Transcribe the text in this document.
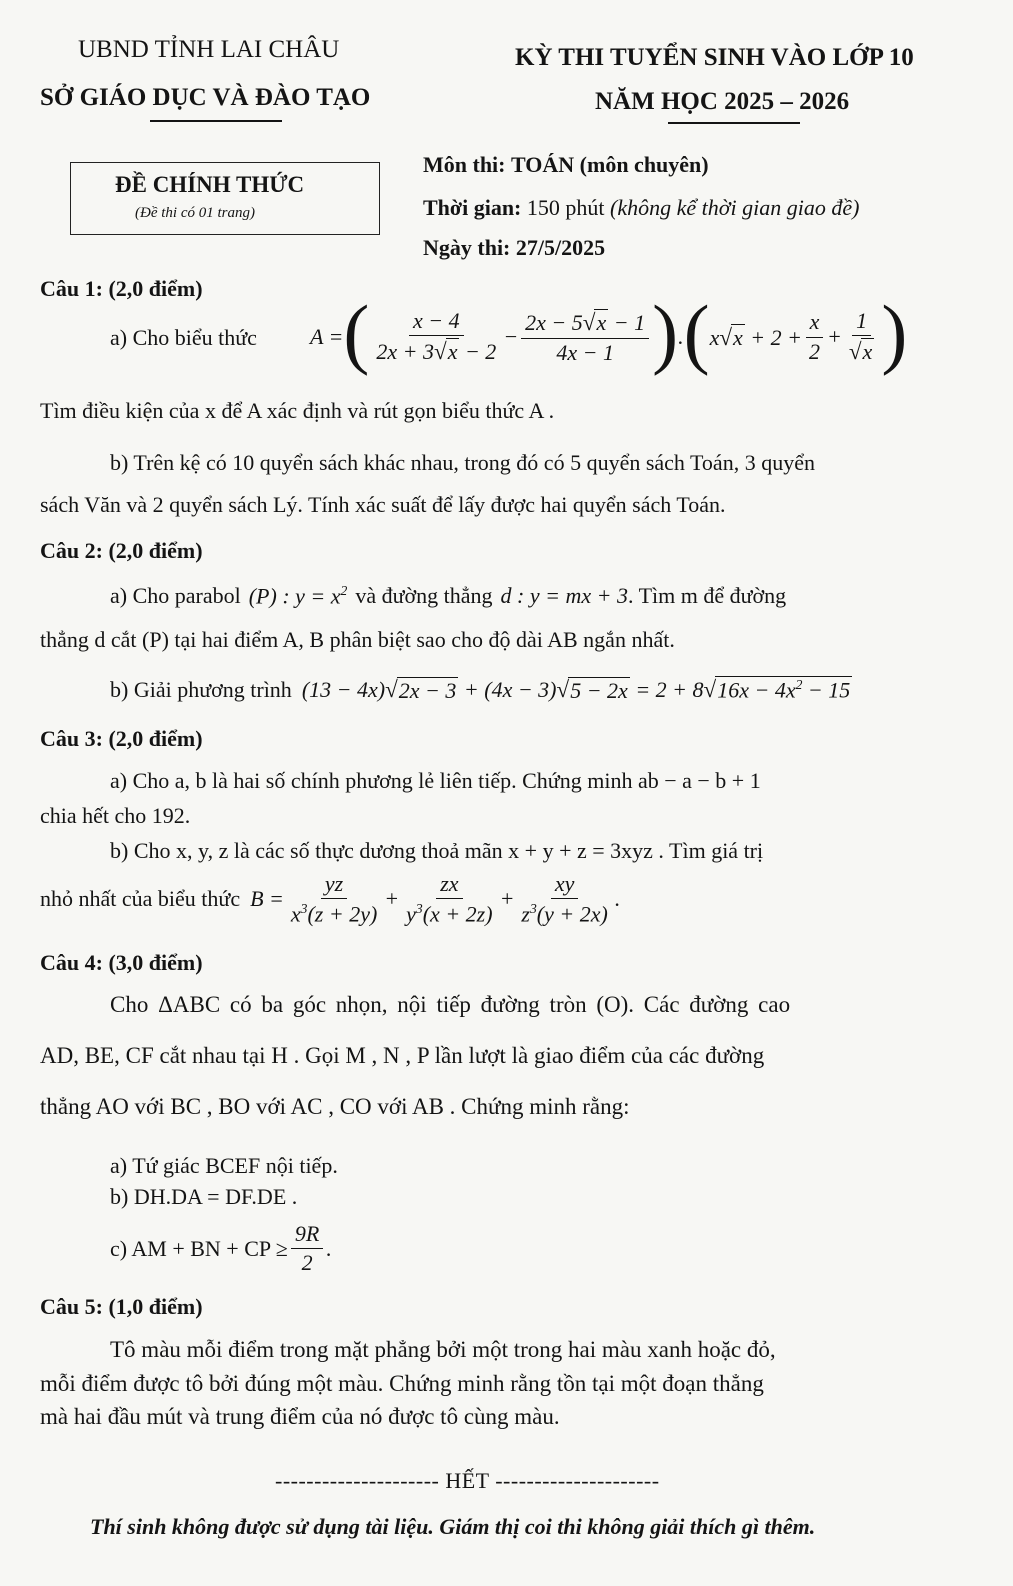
UBND TỈNH LAI CHÂU
SỞ GIÁO DỤC VÀ ĐÀO TẠO
KỲ THI TUYỂN SINH VÀO LỚP 10
NĂM HỌC 2025 – 2026
ĐỀ CHÍNH THỨC
(Đề thi có 01 trang)
Môn thi: TOÁN (môn chuyên)
Thời gian: 150 phút (không kể thời gian giao đề)
Ngày thi: 27/5/2025
Câu 1: (2,0 điểm)
a) Cho biểu thức A = ( $\frac{x - 4}{2x + 3 √ x - 2} - \frac{2x - 5 √ x - 1}{4x - 1}$ ) . ( x √ $x + 2 + \frac{x}{2} + \frac{1}{√ x}$ )
Tìm điều kiện của x để A xác định và rút gọn biểu thức A .
b) Trên kệ có 10 quyển sách khác nhau, trong đó có 5 quyển sách Toán, 3 quyển
sách Văn và 2 quyển sách Lý. Tính xác suất để lấy được hai quyển sách Toán.
Câu 2: (2,0 điểm)
a) Cho parabol (P) : $y = x^2$ và đường thẳng d : y = mx + 3 . Tìm m để đường
thẳng d cắt (P) tại hai điểm A, B phân biệt sao cho độ dài AB ngắn nhất.
b) Giải phương trình (13 − 4x) √ 2x − 3 + (4x − 3) √ 5 − 2x = 2 + 8 √ $16x - 4x^2 - 15$
Câu 3: (2,0 điểm)
a) Cho a, b là hai số chính phương lẻ liên tiếp. Chứng minh ab − a − b + 1
chia hết cho 192.
b) Cho x, y, z là các số thực dương thoả mãn x + y + z = 3xyz . Tìm giá trị
nhỏ nhất của biểu thức $B = \frac{yz}{x^3(z + 2y)} + \frac{zx}{y^3(x + 2z)} + \frac{xy}{z^3(y + 2x)}$ .
Câu 4: (3,0 điểm)
Cho ΔABC có ba góc nhọn, nội tiếp đường tròn (O). Các đường cao
AD, BE, CF cắt nhau tại H . Gọi M , N , P lần lượt là giao điểm của các đường
thẳng AO với BC , BO với AC , CO với AB . Chứng minh rằng:
a) Tứ giác BCEF nội tiếp.
b) DH.DA = DF.DE .
c) AM + BN + CP ≥ $\frac{9R}{2}$ .
Câu 5: (1,0 điểm)
Tô màu mỗi điểm trong mặt phẳng bởi một trong hai màu xanh hoặc đỏ,
mỗi điểm được tô bởi đúng một màu. Chứng minh rằng tồn tại một đoạn thẳng
mà hai đầu mút và trung điểm của nó được tô cùng màu.
--------------------- HẾT ---------------------
Thí sinh không được sử dụng tài liệu. Giám thị coi thi không giải thích gì thêm.
